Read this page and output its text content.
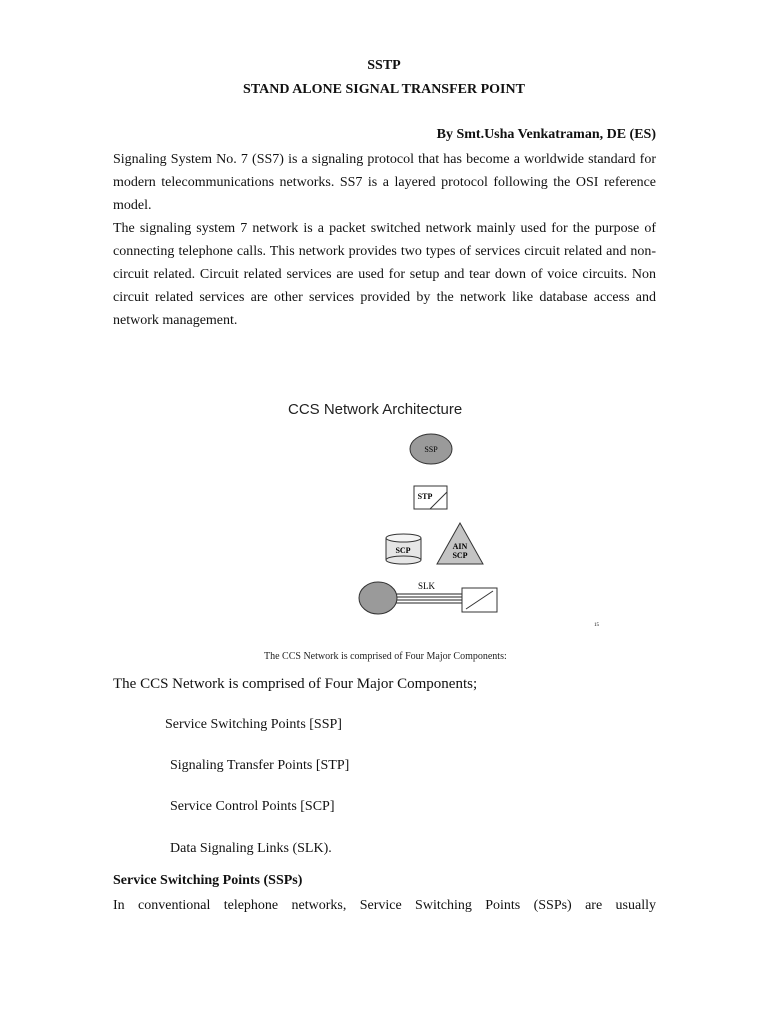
SSTP
STAND ALONE SIGNAL TRANSFER POINT
By Smt.Usha Venkatraman, DE (ES)

Signaling System No. 7 (SS7) is a signaling protocol that has become a worldwide standard for modern telecommunications networks. SS7 is a layered protocol following the OSI reference model.

The signaling system 7 network is a packet switched network mainly used for the purpose of connecting telephone calls. This network provides two types of services circuit related and non-circuit related. Circuit related services are used for setup and tear down of voice circuits. Non circuit related services are other services provided by the network like database access and network management.

CCS Network Architecture
SSP
STP
SCP	AIN
SCP
SLK
15
The CCS Network is comprised of Four Major Components:
The CCS Network is comprised of Four Major Components;
Service Switching Points [SSP]
Signaling Transfer Points [STP]
Service Control Points [SCP]
Data Signaling Links (SLK).
Service Switching Points (SSPs)

In conventional telephone networks, Service Switching Points (SSPs) are usually
